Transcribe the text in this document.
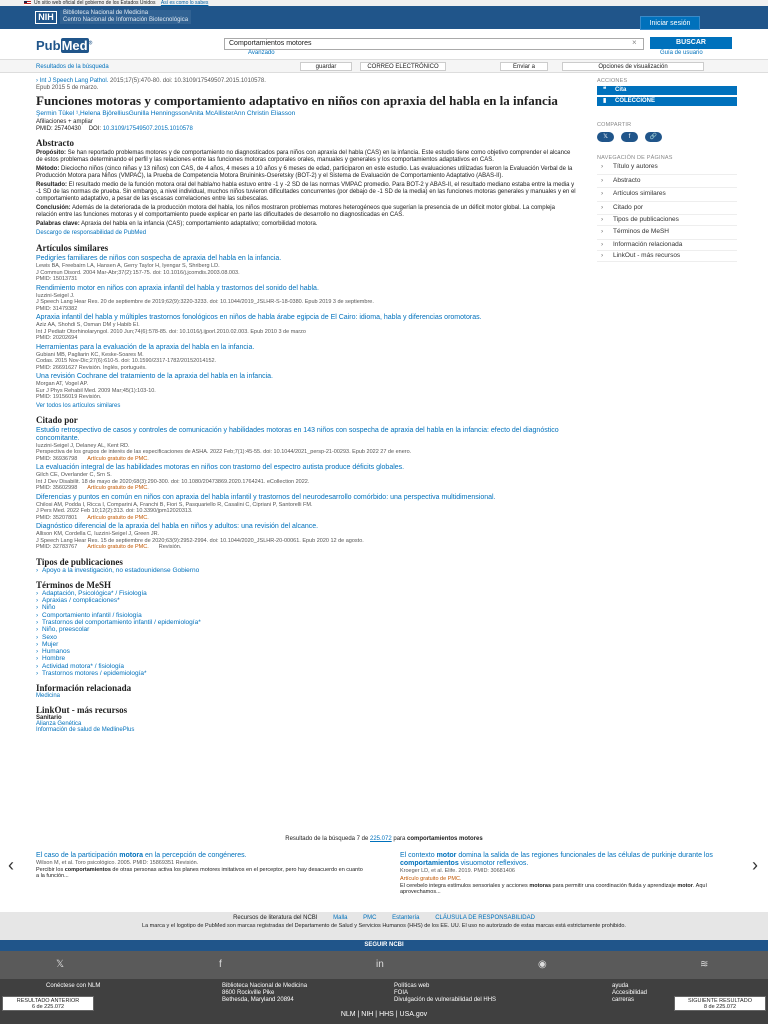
Un sitio web oficial del gobierno de los Estados Unidos Así es como lo sabes
NIH	Biblioteca Nacional de Medicina
Centro Nacional de Información Biotecnológica	Iniciar sesión
PubMed®	Comportamientos motores	×	BUSCAR
Avanzado	Guía de usuario
Resultados de la búsqueda	guardar	CORREO ELECTRÓNICO	Enviar a	Opciones de visualización
› Int J Speech Lang Pathol. 2015;17(5):470-80. doi: 10.3109/17549507.2015.1010578.
Epub 2015 5 de marzo.
Funciones motoras y comportamiento adaptativo en niños con apraxia del habla en la infancia
Şermin Tükel ¹,Helena BjörelliusGunilla HenningssonAnita McAllisterAnn Christin Eliasson
Afiliaciones + ampliar
PMID: 25740430 DOI: 10.3109/17549507.2015.1010578
Abstracto
Propósito: Se han reportado problemas motores y de comportamiento no diagnosticados para niños con apraxia del habla (CAS) en la infancia. Este estudio tiene como objetivo comprender el alcance de estos problemas determinando el perfil y las relaciones entre las funciones motoras corporales orales, manuales y generales y los comportamientos adaptativos en CAS.
Método: Dieciocho niños (cinco niñas y 13 niños) con CAS, de 4 años, 4 meses a 10 años y 6 meses de edad, participaron en este estudio. Las evaluaciones utilizadas fueron la Evaluación Verbal de la Producción Motora para Niños (VMPAC), la Prueba de Competencia Motora Bruininks-Oseretsky (BOT-2) y el Sistema de Evaluación de Comportamiento Adaptativo (ABAS-II).
Resultado: El resultado medio de la función motora oral del habla/no habla estuvo entre -1 y -2 SD de las normas VMPAC promedio. Para BOT-2 y ABAS-II, el resultado mediano estaba entre la media y -1 SD de las normas de prueba. Sin embargo, a nivel individual, muchos niños tuvieron dificultades concurrentes (por debajo de -1 SD de la media) en las funciones motoras generales y manuales y en el comportamiento adaptativo, a pesar de las escasas correlaciones entre las subescalas.
Conclusión: Además de la deteriorada de la producción motora del habla, los niños mostraron problemas motores heterogéneos que sugerían la presencia de un déficit motor global. La compleja relación entre las funciones motoras y el comportamiento puede explicar en parte las dificultades de desarrollo no diagnosticadas en CAS.
Palabras clave: Apraxia del habla en la infancia (CAS); comportamiento adaptativo; comorbilidad motora.
Descargo de responsabilidad de PubMed
Artículos similares
Pedigríes familiares de niños con sospecha de apraxia del habla en la infancia.
Lewis BA, Freebairn LA, Hansen A, Gerry Taylor H, Iyengar S, Shriberg LD.
J Commun Disord. 2004 Mar-Abr;37(2):157-75. doi: 10.1016/j.jcomdis.2003.08.003.
PMID: 15013731
Rendimiento motor en niños con apraxia infantil del habla y trastornos del sonido del habla.
Iuzzini-Seigel J.
J Speech Lang Hear Res. 20 de septiembre de 2019;62(9):3220-3233. doi: 10.1044/2019_JSLHR-S-18-0380. Epub 2019 3 de septiembre.
PMID: 31479382
Apraxia infantil del habla y múltiples trastornos fonológicos en niños de habla árabe egipcia de El Cairo: idioma, habla y diferencias oromotoras.
Aziz AA, Shohdi S, Osman DM y Habib EI.
Int J Pediatr Otorhinolaryngol. 2010 Jun;74(6):578-85. doi: 10.1016/j.ijporl.2010.02.003. Epub 2010 3 de marzo
PMID: 20202694
Herramientas para la evaluación de la apraxia del habla en la infancia.
Gubiani MB, Pagliarin KC, Keske-Soares M.
Codas. 2015 Nov-Dic;27(6):610-5. doi: 10.1590/2317-1782/20152014152.
PMID: 26691627 Revisión. Inglés, portugués.
Una revisión Cochrane del tratamiento de la apraxia del habla en la infancia.
Morgan AT, Vogel AP.
Eur J Phys Rehabil Med. 2009 Mar;45(1):103-10.
PMID: 19156019 Revisión.
Ver todos los artículos similares
Citado por
Estudio retrospectivo de casos y controles de comunicación y habilidades motoras en 143 niños con sospecha de apraxia del habla en la infancia: efecto del diagnóstico concomitante.
Iuzzini-Seigel J, Delaney AL, Kent RD.
Perspectiva de los grupos de interés de las especificaciones de ASHA. 2022 Feb;7(1):45-55. doi: 10.1044/2021_persp-21-00293. Epub 2022 27 de enero.
PMID: 36936798 Artículo gratuito de PMC.
La evaluación integral de las habilidades motoras en niños con trastorno del espectro autista produce déficits globales.
Gilch CE, Overlander C, Srn S.
Int J Dev Disabilit. 18 de mayo de 2020;68(3):290-300. doi: 10.1080/20473869.2020.1764241. eCollection 2022.
PMID: 35602998 Artículo gratuito de PMC.
Diferencias y puntos en común en niños con apraxia del habla infantil y trastornos del neurodesarrollo comórbido: una perspectiva multidimensional.
Chilosi AM, Podda I, Ricca I, Comparini A, Franchi B, Fiori S, Pasquariello R, Casalini C, Cipriani P, Santorelli FM.
J Pers Med. 2022 Feb 10;12(2):313. doi: 10.3390/jpm12020313.
PMID: 35207801 Artículo gratuito de PMC.
Diagnóstico diferencial de la apraxia del habla en niños y adultos: una revisión del alcance.
Allison KM, Cordella C, Iuzzini-Seigel J, Green JR.
J Speech Lang Hear Res. 15 de septiembre de 2020;63(9):2952-2994. doi: 10.1044/2020_JSLHR-20-00061. Epub 2020 12 de agosto.
PMID: 32783767 Artículo gratuito de PMC. Revisión.
Tipos de publicaciones
› Apoyo a la investigación, no estadounidense Gobierno
Términos de MeSH
› Adaptación, Psicológica* / Fisiología
› Apraxias / complicaciones*
› Niño
› Comportamiento infantil / fisiología
› Trastornos del comportamiento infantil / epidemiología*
› Niño, preescolar
› Sexo
› Mujer
› Humanos
› Hombre
› Actividad motora* / fisiología
› Trastornos motores / epidemiología*
Información relacionada
Medicina
LinkOut - más recursos
Sanitario
Alianza Genética
Información de salud de MedlinePlus
ACCIONES
❝ Cita
▮ COLECCIONE
COMPARTIR
𝕏	f	🔗
NAVEGACIÓN DE PÁGINAS
› Título y autores
› Abstracto
› Artículos similares
› Citado por
› Tipos de publicaciones
› Términos de MeSH
› Información relacionada
› LinkOut - más recursos
Resultado de la búsqueda 7 de 225.072 para comportamientos motores
‹	›
El caso de la participación motora en la percepción de congéneres.
Wilson M, et al. Toro psicológico. 2005. PMID: 15869351 Revisión.
Percibir los comportamientos de otras personas activa los planes motores imitativos en el perceptor, pero hay desacuerdo en cuanto a la función...
El contexto motor domina la salida de las regiones funcionales de las células de purkinje durante los comportamientos visuomotor reflexivos.
Kroeger LD, et al. Elife. 2019. PMID: 30681406
Artículo gratuito de PMC.
El cerebelo integra estímulos sensoriales y acciones motoras para permitir una coordinación fluida y aprendizaje motor. Aquí aprovechamos...
Recursos de literatura del NCBI	Malla	PMC	Estantería	CLÁUSULA DE RESPONSABILIDAD
La marca y el logotipo de PubMed son marcas registradas del Departamento de Salud y Servicios Humanos (HHS) de los EE. UU. El uso no autorizado de estas marcas está estrictamente prohibido.
SEGUIR NCBI
𝕏	f	in	◉	≋
Conéctese con NLM	Biblioteca Nacional de Medicina
8600 Rockville Pike
Bethesda, Maryland 20894
Políticas web
FOIA
Divulgación de vulnerabilidad del HHS
ayuda
Accesibilidad
carreras
NLM | NIH | HHS | USA.gov
RESULTADO ANTERIOR
6 de 225.072
SIGUIENTE RESULTADO
8 de 225.072
